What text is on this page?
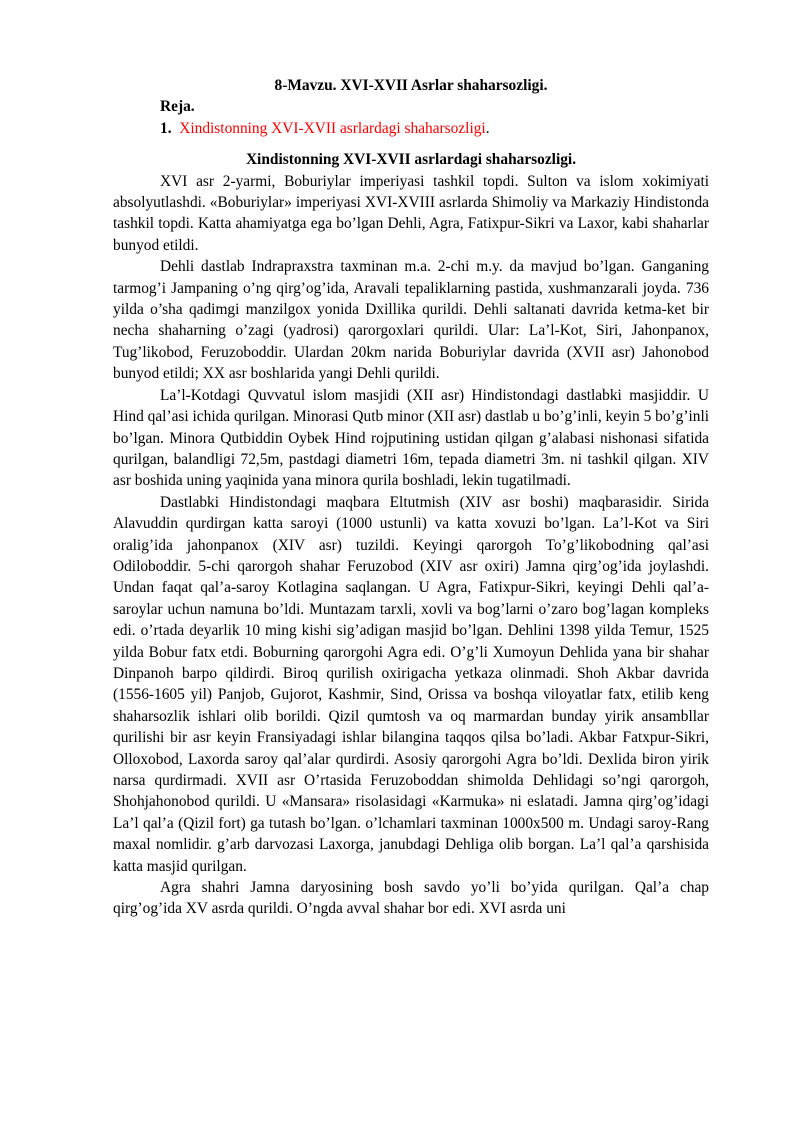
8-Mavzu. XVI-XVII Asrlar shaharsozligi.

Reja.

1. Xindistonning XVI-XVII asrlardagi shaharsozligi.

Xindistonning XVI-XVII asrlardagi shaharsozligi.

XVI asr 2-yarmi, Boburiylar imperiyasi tashkil topdi. Sulton va islom xokimiyati absolyutlashdi. «Boburiylar» imperiyasi XVI-XVIII asrlarda Shimoliy va Markaziy Hindistonda tashkil topdi. Katta ahamiyatga ega bo’lgan Dehli, Agra, Fatixpur-Sikri va Laxor, kabi shaharlar bunyod etildi.

Dehli dastlab Indrapraxstra taxminan m.a. 2-chi m.y. da mavjud bo’lgan. Ganganing tarmog’i Jampaning o’ng qirg’og’ida, Aravali tepaliklarning pastida, xushmanzarali joyda. 736 yilda o’sha qadimgi manzilgox yonida Dxillika qurildi. Dehli saltanati davrida ketma-ket bir necha shaharning o’zagi (yadrosi) qarorgoxlari qurildi. Ular: La’l-Kot, Siri, Jahonpanox, Tug’likobod, Feruzoboddir. Ulardan 20km narida Boburiylar davrida (XVII asr) Jahonobod bunyod etildi; XX asr boshlarida yangi Dehli qurildi.

La’l-Kotdagi Quvvatul islom masjidi (XII asr) Hindistondagi dastlabki masjiddir. U Hind qal’asi ichida qurilgan. Minorasi Qutb minor (XII asr) dastlab u bo’g’inli, keyin 5 bo’g’inli bo’lgan. Minora Qutbiddin Oybek Hind rojputining ustidan qilgan g’alabasi nishonasi sifatida qurilgan, balandligi 72,5m, pastdagi diametri 16m, tepada diametri 3m. ni tashkil qilgan. XIV asr boshida uning yaqinida yana minora qurila boshladi, lekin tugatilmadi.

Dastlabki Hindistondagi maqbara Eltutmish (XIV asr boshi) maqbarasidir. Sirida Alavuddin qurdirgan katta saroyi (1000 ustunli) va katta xovuzi bo’lgan. La’l-Kot va Siri oralig’ida jahonpanox (XIV asr) tuzildi. Keyingi qarorgoh To’g’likobodning qal’asi Odiloboddir. 5-chi qarorgoh shahar Feruzobod (XIV asr oxiri) Jamna qirg’og’ida joylashdi. Undan faqat qal’a-saroy Kotlagina saqlangan. U Agra, Fatixpur-Sikri, keyingi Dehli qal’a-saroylar uchun namuna bo’ldi. Muntazam tarxli, xovli va bog’larni o’zaro bog’lagan kompleks edi. o’rtada deyarlik 10 ming kishi sig’adigan masjid bo’lgan. Dehlini 1398 yilda Temur, 1525 yilda Bobur fatx etdi. Boburning qarorgohi Agra edi. O’g’li Xumoyun Dehlida yana bir shahar Dinpanoh barpo qildirdi. Biroq qurilish oxirigacha yetkaza olinmadi. Shoh Akbar davrida (1556-1605 yil) Panjob, Gujorot, Kashmir, Sind, Orissa va boshqa viloyatlar fatx, etilib keng shaharsozlik ishlari olib borildi. Qizil qumtosh va oq marmardan bunday yirik ansambllar qurilishi bir asr keyin Fransiyadagi ishlar bilangina taqqos qilsa bo’ladi. Akbar Fatxpur-Sikri, Olloxobod, Laxorda saroy qal’alar qurdirdi. Asosiy qarorgohi Agra bo’ldi. Dexlida biron yirik narsa qurdirmadi. XVII asr O’rtasida Feruzoboddan shimolda Dehlidagi so’ngi qarorgoh, Shohjahonobod qurildi. U «Mansara» risolasidagi «Karmuka» ni eslatadi. Jamna qirg’og’idagi La’l qal’a (Qizil fort) ga tutash bo’lgan. o’lchamlari taxminan 1000x500 m. Undagi saroy-Rang maxal nomlidir. g’arb darvozasi Laxorga, janubdagi Dehliga olib borgan. La’l qal’a qarshisida katta masjid qurilgan.

Agra shahri Jamna daryosining bosh savdo yo’li bo’yida qurilgan. Qal’a chap qirg’og’ida XV asrda qurildi. O’ngda avval shahar bor edi. XVI asrda uni
